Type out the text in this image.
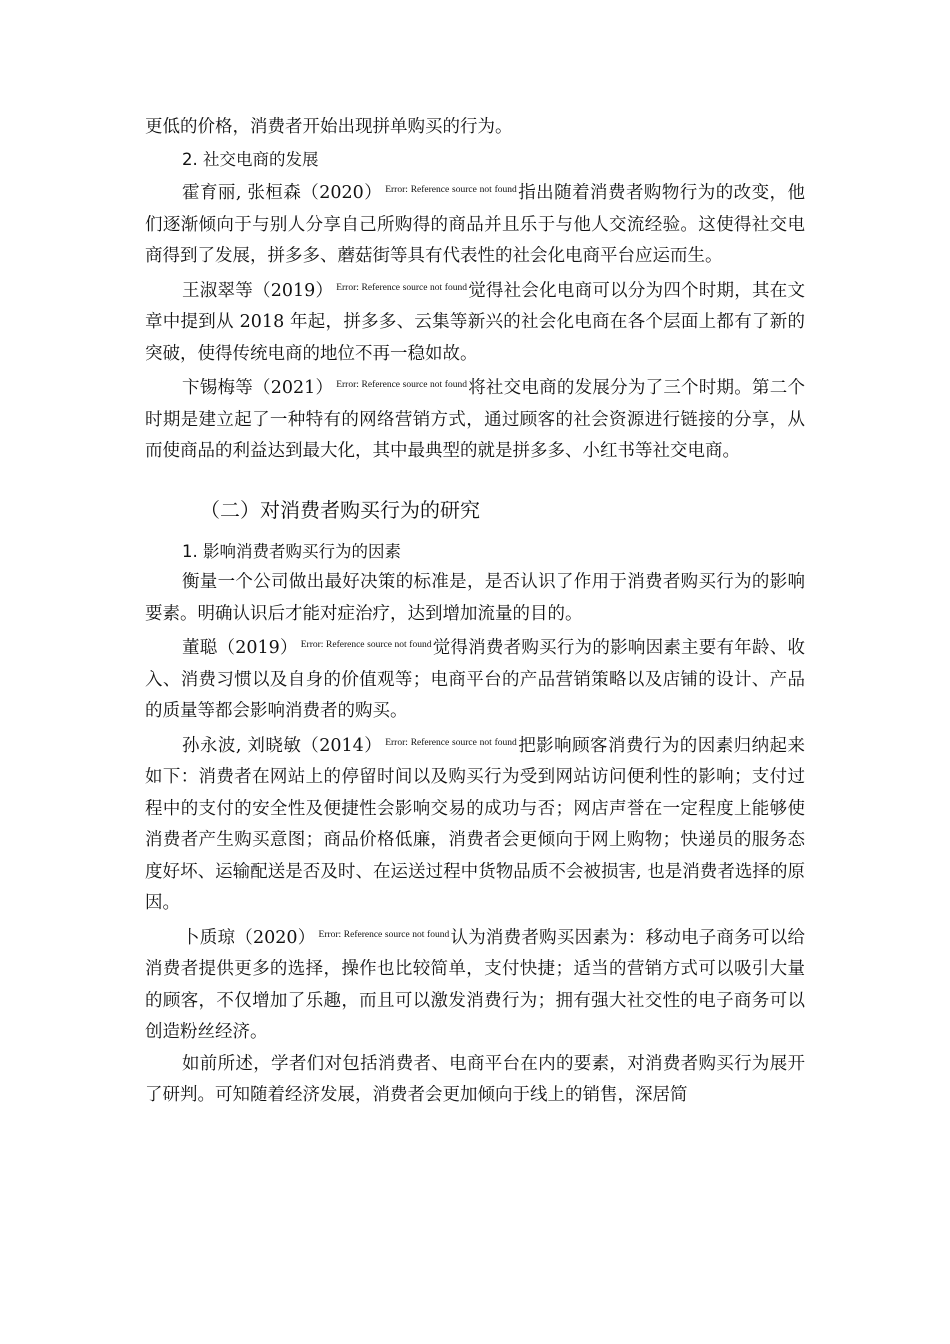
更低的价格，消费者开始出现拼单购买的行为。

2. 社交电商的发展

霍育丽, 张桓森（2020） $^{Error: Reference source not found}$指出随着消费者购物行为的改变，他们逐渐倾向于与别人分享自己所购得的商品并且乐于与他人交流经验。这使得社交电商得到了发展，拼多多、蘑菇街等具有代表性的社会化电商平台应运而生。

王淑翠等（2019） $^{Error: Reference source not found}$觉得社会化电商可以分为四个时期，其在文章中提到从 2018 年起，拼多多、云集等新兴的社会化电商在各个层面上都有了新的突破，使得传统电商的地位不再一稳如故。

卞锡梅等（2021） $^{Error: Reference source not found}$将社交电商的发展分为了三个时期。第二个时期是建立起了一种特有的网络营销方式，通过顾客的社会资源进行链接的分享，从而使商品的利益达到最大化，其中最典型的就是拼多多、小红书等社交电商。

（二）对消费者购买行为的研究

1. 影响消费者购买行为的因素

衡量一个公司做出最好决策的标准是，是否认识了作用于消费者购买行为的影响要素。明确认识后才能对症治疗，达到增加流量的目的。

董聪（2019） $^{Error: Reference source not found}$觉得消费者购买行为的影响因素主要有年龄、收入、消费习惯以及自身的价值观等；电商平台的产品营销策略以及店铺的设计、产品的质量等都会影响消费者的购买。

孙永波, 刘晓敏（2014） $^{Error: Reference source not found}$把影响顾客消费行为的因素归纳起来如下：消费者在网站上的停留时间以及购买行为受到网站访问便利性的影响；支付过程中的支付的安全性及便捷性会影响交易的成功与否；网店声誉在一定程度上能够使消费者产生购买意图；商品价格低廉，消费者会更倾向于网上购物；快递员的服务态度好坏、运输配送是否及时、在运送过程中货物品质不会被损害, 也是消费者选择的原因。

卜质琼（2020） $^{Error: Reference source not found}$认为消费者购买因素为：移动电子商务可以给消费者提供更多的选择，操作也比较简单，支付快捷；适当的营销方式可以吸引大量的顾客，不仅增加了乐趣，而且可以激发消费行为；拥有强大社交性的电子商务可以创造粉丝经济。

如前所述，学者们对包括消费者、电商平台在内的要素，对消费者购买行为展开了研判。可知随着经济发展，消费者会更加倾向于线上的销售，深居简
